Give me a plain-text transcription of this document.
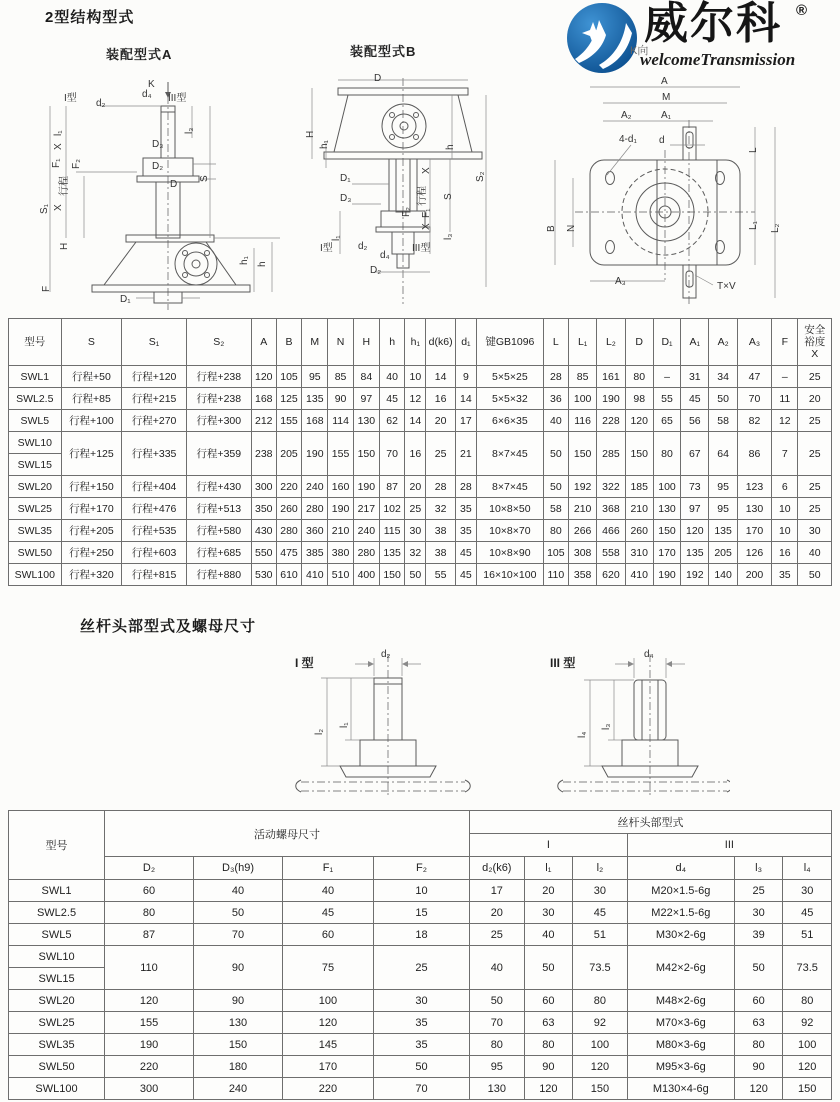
2型结构型式
装配型式A	装配型式B
威尔科 ®
welcomeTransmission
K向
K
I型 d₂
d₄ III型
l₁
X
F₁ F₂
行程
X
S₁
S
l₃
D₃
D₂
D
H
h₁ h
F
D₁
D
H
h₁	h
S₂
X
行程 S
D₁
D₃
F₂ F₁
X
l₃
l₁
I型	d₂
d₄
III型
D₂
A
M
A₂	A₁
4-d₁ d
L
B N	L₁ L₂
A₃	T×V
型号	S	S₁	S₂	A	B	M	N	H	h	h₁	d(k6)	d₁	键GB1096	L	L₁	L₂	D	D₁	A₁	A₂	A₃	F	安全 裕度 X
SWL1	行程+50	行程+120	行程+238	120	105	95	85	84	40	10	14	9	5×5×25	28	85	161	80	–	31	34	47	–	25
SWL2.5	行程+85	行程+215	行程+238	168	125	135	90	97	45	12	16	14	5×5×32	36	100	190	98	55	45	50	70	11	20
SWL5	行程+100	行程+270	行程+300	212	155	168	114	130	62	14	20	17	6×6×35	40	116	228	120	65	56	58	82	12	25
SWL10	行程+125	行程+335	行程+359	238	205	190	155	150	70	16	25	21	8×7×45	50	150	285	150	80	67	64	86	7	25
SWL15																							
SWL20	行程+150	行程+404	行程+430	300	220	240	160	190	87	20	28	28	8×7×45	50	192	322	185	100	73	95	123	6	25
SWL25	行程+170	行程+476	行程+513	350	260	280	190	217	102	25	32	35	10×8×50	58	210	368	210	130	97	95	130	10	25
SWL35	行程+205	行程+535	行程+580	430	280	360	210	240	115	30	38	35	10×8×70	80	266	466	260	150	120	135	170	10	30
SWL50	行程+250	行程+603	行程+685	550	475	385	380	280	135	32	38	45	10×8×90	105	308	558	310	170	135	205	126	16	40
SWL100	行程+320	行程+815	行程+880	530	610	410	510	400	150	50	55	45	16×10×100	110	358	620	410	190	192	140	200	35	50
丝杆头部型式及螺母尺寸
I 型
d₂
l₂
l₁
III 型
d₄
l₄
l₃
型号	活动螺母尺寸				丝杆头部型式					
					I			III		
	D₂	D₃(h9)	F₁	F₂	d₂(k6)	l₁	l₂	d₄	l₃	l₄
SWL1	60	40	40	10	17	20	30	M20×1.5-6g	25	30
SWL2.5	80	50	45	15	20	30	45	M22×1.5-6g	30	45
SWL5	87	70	60	18	25	40	51	M30×2-6g	39	51
SWL10	110	90	75	25	40	50	73.5	M42×2-6g	50	73.5
SWL15										
SWL20	120	90	100	30	50	60	80	M48×2-6g	60	80
SWL25	155	130	120	35	70	63	92	M70×3-6g	63	92
SWL35	190	150	145	35	80	80	100	M80×3-6g	80	100
SWL50	220	180	170	50	95	90	120	M95×3-6g	90	120
SWL100	300	240	220	70	130	120	150	M130×4-6g	120	150
